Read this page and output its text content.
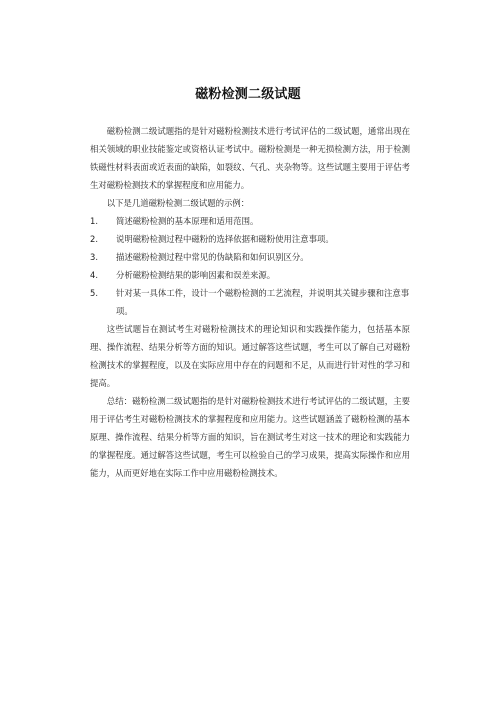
磁粉检测二级试题

磁粉检测二级试题指的是针对磁粉检测技术进行考试评估的二级试题，通常出现在相关领域的职业技能鉴定或资格认证考试中。磁粉检测是一种无损检测方法，用于检测铁磁性材料表面或近表面的缺陷，如裂纹、气孔、夹杂物等。这些试题主要用于评估考生对磁粉检测技术的掌握程度和应用能力。

以下是几道磁粉检测二级试题的示例：

1.	简述磁粉检测的基本原理和适用范围。
2.	说明磁粉检测过程中磁粉的选择依据和磁粉使用注意事项。
3.	描述磁粉检测过程中常见的伪缺陷和如何识别区分。
4.	分析磁粉检测结果的影响因素和误差来源。
5.	针对某一具体工件，设计一个磁粉检测的工艺流程，并说明其关键步骤和注意事项。

这些试题旨在测试考生对磁粉检测技术的理论知识和实践操作能力，包括基本原理、操作流程、结果分析等方面的知识。通过解答这些试题，考生可以了解自己对磁粉检测技术的掌握程度，以及在实际应用中存在的问题和不足，从而进行针对性的学习和提高。

总结：磁粉检测二级试题指的是针对磁粉检测技术进行考试评估的二级试题，主要用于评估考生对磁粉检测技术的掌握程度和应用能力。这些试题涵盖了磁粉检测的基本原理、操作流程、结果分析等方面的知识，旨在测试考生对这一技术的理论和实践能力的掌握程度。通过解答这些试题，考生可以检验自己的学习成果，提高实际操作和应用能力，从而更好地在实际工作中应用磁粉检测技术。
